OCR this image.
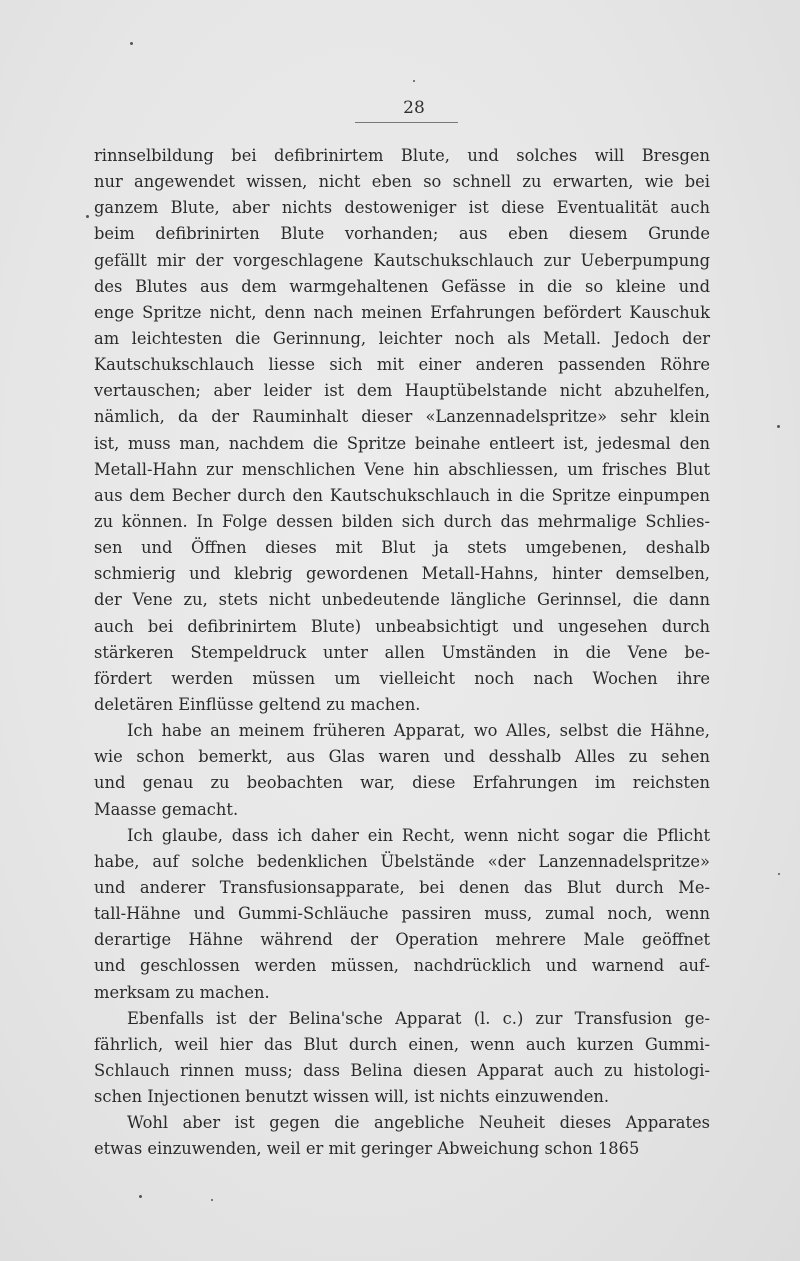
28
rinnselbildung bei defibrinirtem Blute, und solches will Bresgen
nur angewendet wissen, nicht eben so schnell zu erwarten, wie bei
ganzem Blute, aber nichts destoweniger ist diese Eventualität auch
beim defibrinirten Blute vorhanden; aus eben diesem Grunde
gefällt mir der vorgeschlagene Kautschukschlauch zur Ueberpumpung
des Blutes aus dem warmgehaltenen Gefässe in die so kleine und
enge Spritze nicht, denn nach meinen Erfahrungen befördert Kauschuk
am leichtesten die Gerinnung, leichter noch als Metall. Jedoch der
Kautschukschlauch liesse sich mit einer anderen passenden Röhre
vertauschen; aber leider ist dem Hauptübelstande nicht abzuhelfen,
nämlich, da der Rauminhalt dieser «Lanzennadelspritze» sehr klein
ist, muss man, nachdem die Spritze beinahe entleert ist, jedesmal den
Metall-Hahn zur menschlichen Vene hin abschliessen, um frisches Blut
aus dem Becher durch den Kautschukschlauch in die Spritze einpumpen
zu können. In Folge dessen bilden sich durch das mehrmalige Schlies-
sen und Öffnen dieses mit Blut ja stets umgebenen, deshalb
schmierig und klebrig gewordenen Metall-Hahns, hinter demselben,
der Vene zu, stets nicht unbedeutende längliche Gerinnsel, die dann
auch bei defibrinirtem Blute) unbeabsichtigt und ungesehen durch
stärkeren Stempeldruck unter allen Umständen in die Vene be-
fördert werden müssen um vielleicht noch nach Wochen ihre
deletären Einflüsse geltend zu machen.
Ich habe an meinem früheren Apparat, wo Alles, selbst die Hähne,
wie schon bemerkt, aus Glas waren und desshalb Alles zu sehen
und genau zu beobachten war, diese Erfahrungen im reichsten
Maasse gemacht.
Ich glaube, dass ich daher ein Recht, wenn nicht sogar die Pflicht
habe, auf solche bedenklichen Übelstände «der Lanzennadelspritze»
und anderer Transfusionsapparate, bei denen das Blut durch Me-
tall-Hähne und Gummi-Schläuche passiren muss, zumal noch, wenn
derartige Hähne während der Operation mehrere Male geöffnet
und geschlossen werden müssen, nachdrücklich und warnend auf-
merksam zu machen.
Ebenfalls ist der Belina'sche Apparat (l. c.) zur Transfusion ge-
fährlich, weil hier das Blut durch einen, wenn auch kurzen Gummi-
Schlauch rinnen muss; dass Belina diesen Apparat auch zu histologi-
schen Injectionen benutzt wissen will, ist nichts einzuwenden.
Wohl aber ist gegen die angebliche Neuheit dieses Apparates
etwas einzuwenden, weil er mit geringer Abweichung schon 1865
